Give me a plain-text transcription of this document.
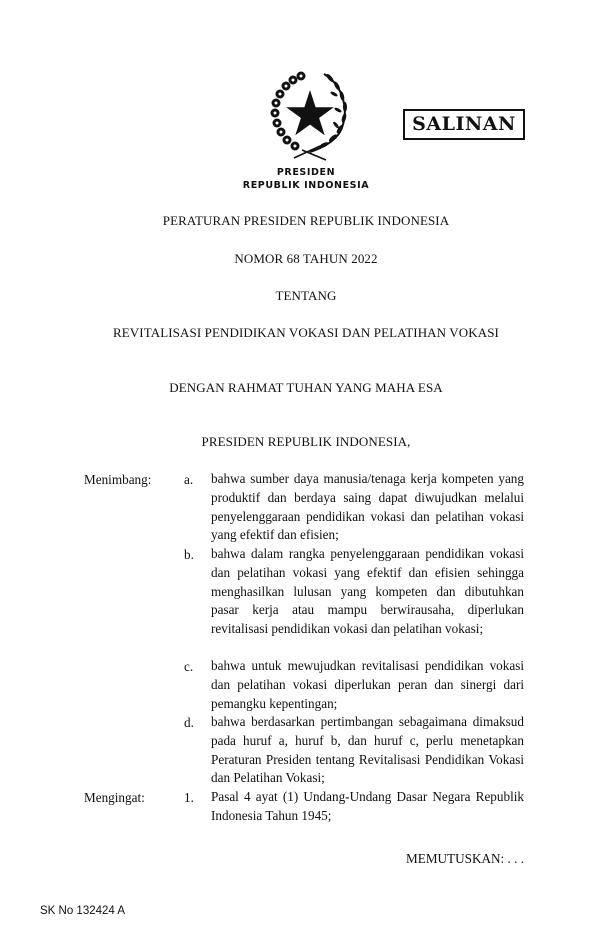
SALINAN
PRESIDEN
REPUBLIK INDONESIA
PERATURAN PRESIDEN REPUBLIK INDONESIA
NOMOR 68 TAHUN 2022
TENTANG
REVITALISASI PENDIDIKAN VOKASI DAN PELATIHAN VOKASI
DENGAN RAHMAT TUHAN YANG MAHA ESA
PRESIDEN REPUBLIK INDONESIA,
Menimbang: a. bahwa sumber daya manusia/tenaga kerja kompeten yang produktif dan berdaya saing dapat diwujudkan melalui penyelenggaraan pendidikan vokasi dan pelatihan vokasi yang efektif dan efisien;
b. bahwa dalam rangka penyelenggaraan pendidikan vokasi dan pelatihan vokasi yang efektif dan efisien sehingga menghasilkan lulusan yang kompeten dan dibutuhkan pasar kerja atau mampu berwirausaha, diperlukan revitalisasi pendidikan vokasi dan pelatihan vokasi;
c. bahwa untuk mewujudkan revitalisasi pendidikan vokasi dan pelatihan vokasi diperlukan peran dan sinergi dari pemangku kepentingan;
d. bahwa berdasarkan pertimbangan sebagaimana dimaksud pada huruf a, huruf b, dan huruf c, perlu menetapkan Peraturan Presiden tentang Revitalisasi Pendidikan Vokasi dan Pelatihan Vokasi;
Mengingat:	1. Pasal 4 ayat (1) Undang-Undang Dasar Negara Republik Indonesia Tahun 1945;
MEMUTUSKAN: . . .
SK No 132424 A
